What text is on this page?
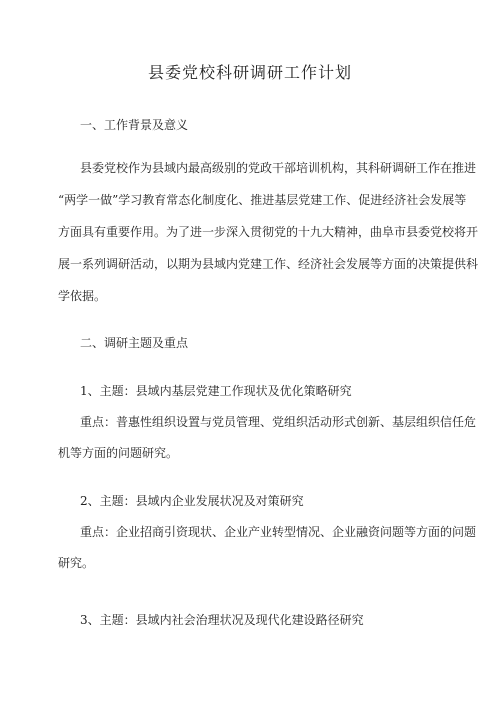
县委党校科研调研工作计划
一、工作背景及意义
县委党校作为县域内最高级别的党政干部培训机构，其科研调研工作在推进
“两学一做”学习教育常态化制度化、推进基层党建工作、促进经济社会发展等
方面具有重要作用。为了进一步深入贯彻党的十九大精神，曲阜市县委党校将开
展一系列调研活动，以期为县域内党建工作、经济社会发展等方面的决策提供科
学依据。
二、调研主题及重点
1、主题：县域内基层党建工作现状及优化策略研究
重点：普惠性组织设置与党员管理、党组织活动形式创新、基层组织信任危
机等方面的问题研究。
2、主题：县域内企业发展状况及对策研究
重点：企业招商引资现状、企业产业转型情况、企业融资问题等方面的问题
研究。
3、主题：县域内社会治理状况及现代化建设路径研究
